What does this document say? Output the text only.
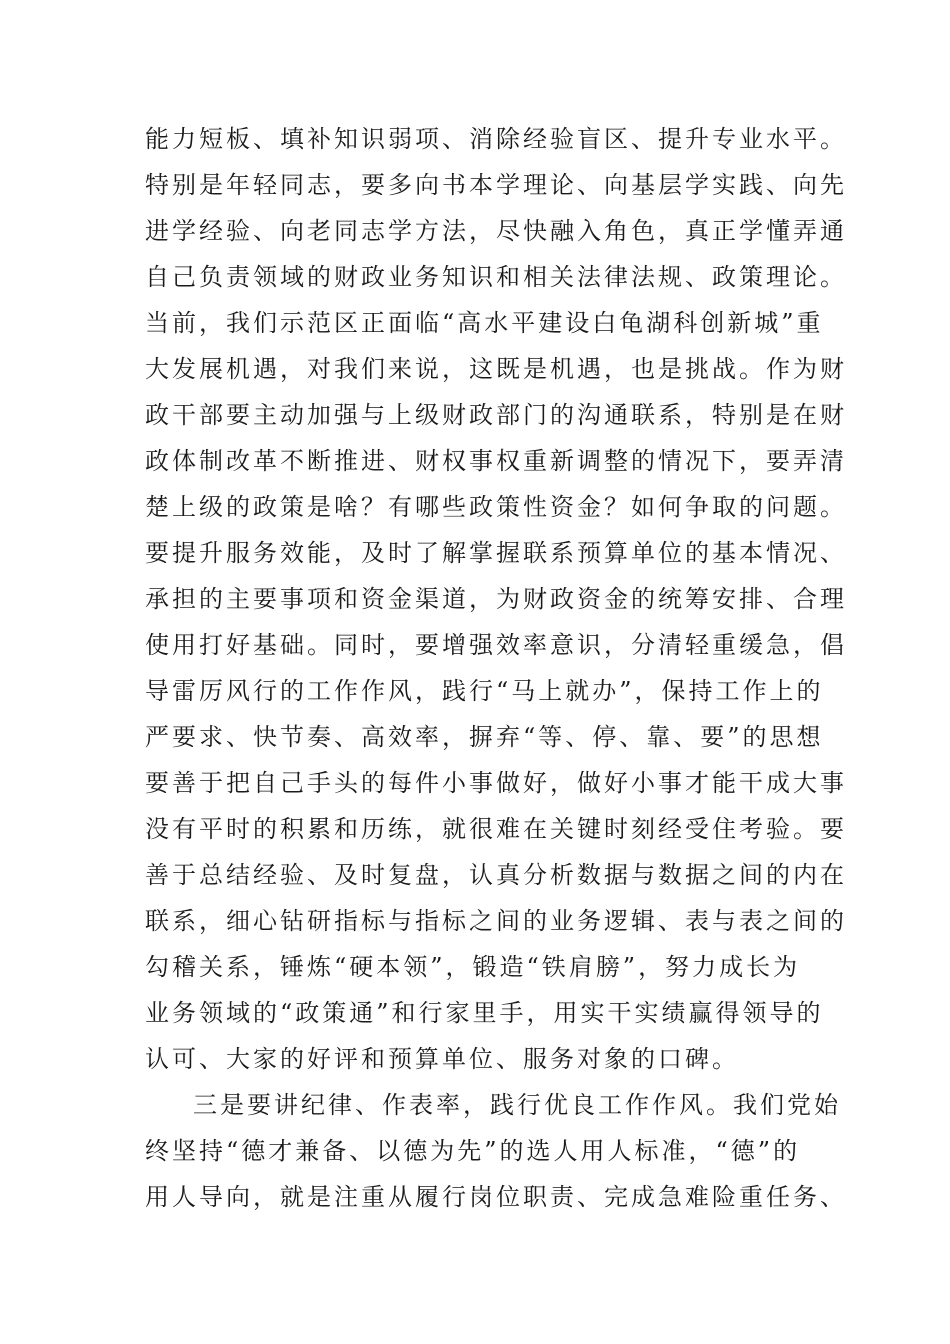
能力短板、填补知识弱项、消除经验盲区、提升专业水平。
特别是年轻同志，要多向书本学理论、向基层学实践、向先
进学经验、向老同志学方法，尽快融入角色，真正学懂弄通
自己负责领域的财政业务知识和相关法律法规、政策理论。
当前，我们示范区正面临“高水平建设白龟湖科创新城”重
大发展机遇，对我们来说，这既是机遇，也是挑战。作为财
政干部要主动加强与上级财政部门的沟通联系，特别是在财
政体制改革不断推进、财权事权重新调整的情况下，要弄清
楚上级的政策是啥？有哪些政策性资金？如何争取的问题。
要提升服务效能，及时了解掌握联系预算单位的基本情况、
承担的主要事项和资金渠道，为财政资金的统筹安排、合理
使用打好基础。同时，要增强效率意识，分清轻重缓急，倡
导雷厉风行的工作作风，践行“马上就办”，保持工作上的
严要求、快节奏、高效率，摒弃“等、停、靠、要”的思想
要善于把自己手头的每件小事做好，做好小事才能干成大事
没有平时的积累和历练，就很难在关键时刻经受住考验。要
善于总结经验、及时复盘，认真分析数据与数据之间的内在
联系，细心钻研指标与指标之间的业务逻辑、表与表之间的
勾稽关系，锤炼“硬本领”，锻造“铁肩膀”，努力成长为
业务领域的“政策通”和行家里手，用实干实绩赢得领导的
认可、大家的好评和预算单位、服务对象的口碑。
三是要讲纪律、作表率，践行优良工作作风。我们党始
终坚持“德才兼备、以德为先”的选人用人标准，“德”的
用人导向，就是注重从履行岗位职责、完成急难险重任务、
